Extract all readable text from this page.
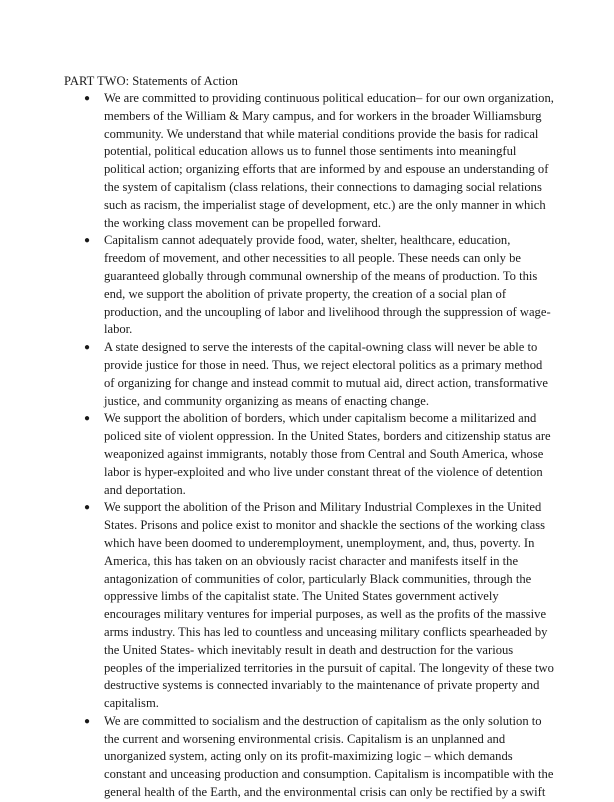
PART TWO: Statements of Action
●	We are committed to providing continuous political education– for our own organization, members of the William & Mary campus, and for workers in the broader Williamsburg community. We understand that while material conditions provide the basis for radical potential, political education allows us to funnel those sentiments into meaningful political action; organizing efforts that are informed by and espouse an understanding of the system of capitalism (class relations, their connections to damaging social relations such as racism, the imperialist stage of development, etc.) are the only manner in which the working class movement can be propelled forward.
●	Capitalism cannot adequately provide food, water, shelter, healthcare, education, freedom of movement, and other necessities to all people. These needs can only be guaranteed globally through communal ownership of the means of production. To this end, we support the abolition of private property, the creation of a social plan of production, and the uncoupling of labor and livelihood through the suppression of wage-labor.
●	A state designed to serve the interests of the capital-owning class will never be able to provide justice for those in need. Thus, we reject electoral politics as a primary method of organizing for change and instead commit to mutual aid, direct action, transformative justice, and community organizing as means of enacting change.
●	We support the abolition of borders, which under capitalism become a militarized and policed site of violent oppression. In the United States, borders and citizenship status are weaponized against immigrants, notably those from Central and South America, whose labor is hyper-exploited and who live under constant threat of the violence of detention and deportation.
●	We support the abolition of the Prison and Military Industrial Complexes in the United States. Prisons and police exist to monitor and shackle the sections of the working class which have been doomed to underemployment, unemployment, and, thus, poverty. In America, this has taken on an obviously racist character and manifests itself in the antagonization of communities of color, particularly Black communities, through the oppressive limbs of the capitalist state. The United States government actively encourages military ventures for imperial purposes, as well as the profits of the massive arms industry. This has led to countless and unceasing military conflicts spearheaded by the United States- which inevitably result in death and destruction for the various peoples of the imperialized territories in the pursuit of capital. The longevity of these two destructive systems is connected invariably to the maintenance of private property and capitalism.
●	We are committed to socialism and the destruction of capitalism as the only solution to the current and worsening environmental crisis. Capitalism is an unplanned and unorganized system, acting only on its profit-maximizing logic – which demands constant and unceasing production and consumption. Capitalism is incompatible with the general health of the Earth, and the environmental crisis can only be rectified by a swift
